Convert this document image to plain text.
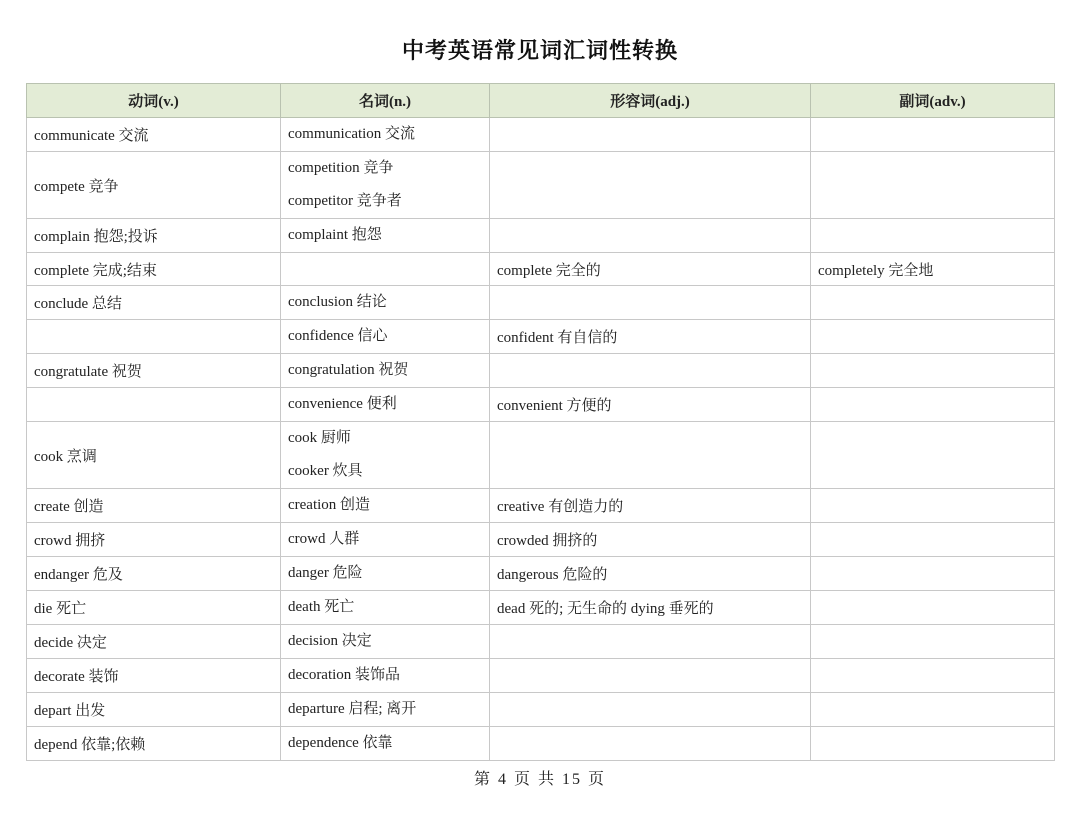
中考英语常见词汇词性转换
动词(v.)	名词(n.)	形容词(adj.)	副词(adv.)
communicate 交流	communication 交流		

compete 竞争	competition 竞争
competitor 竞争者		

complain 抱怨;投诉	complaint 抱怨		

complete 完成;结束		complete 完全的	completely 完全地
conclude 总结	conclusion 结论		

	confidence 信心	confident 有自信的	
congratulate 祝贺	congratulation 祝贺		

	convenience 便利	convenient 方便的	
cook 烹调	cook 厨师
cooker 炊具		

create 创造	creation 创造	creative 有创造力的	
crowd 拥挤	crowd 人群	crowded 拥挤的	
endanger 危及	danger 危险	dangerous 危险的	
die 死亡	death 死亡	dead 死的; 无生命的 dying 垂死的	
decide 决定	decision 决定		

decorate 装饰	decoration 装饰品		

depart 出发	departure 启程; 离开		

depend 依靠;依赖	dependence 依靠		

第 4 页 共 15 页
